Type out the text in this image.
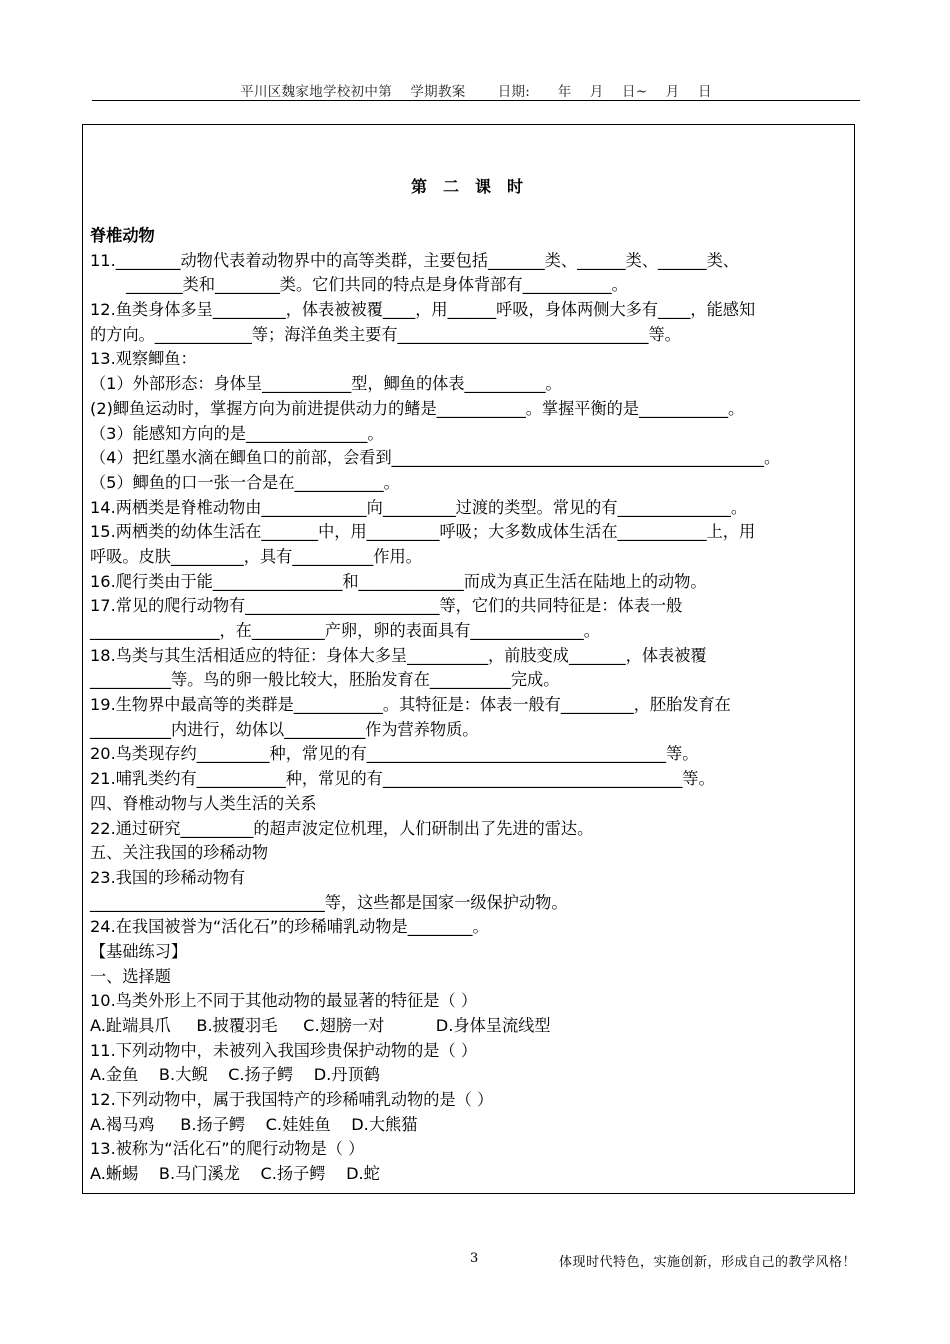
平川区魏家地学校初中第    学期教案       日期:      年    月    日~    月    日
第二课时
脊椎动物
11.________动物代表着动物界中的高等类群，主要包括_______类、______类、______类、
_______类和________类。它们共同的特点是身体背部有___________。
12.鱼类身体多呈_________，体表被被覆____，用______呼吸，身体两侧大多有____，能感知
的方向。____________等；海洋鱼类主要有_______________________________等。
13.观察鲫鱼：
（1）外部形态：身体呈___________型，鲫鱼的体表__________。
(2)鲫鱼运动时，掌握方向为前进提供动力的鳍是___________。掌握平衡的是___________。
（3）能感知方向的是_______________。
（4）把红墨水滴在鲫鱼口的前部，会看到______________________________________________。
（5）鲫鱼的口一张一合是在___________。
14.两栖类是脊椎动物由_____________向_________过渡的类型。常见的有______________。
15.两栖类的幼体生活在_______中，用_________呼吸；大多数成体生活在___________上，用
呼吸。皮肤_________，具有__________作用。
16.爬行类由于能________________和_____________而成为真正生活在陆地上的动物。
17.常见的爬行动物有________________________等，它们的共同特征是：体表一般
________________，在_________产卵，卵的表面具有______________。
18.鸟类与其生活相适应的特征：身体大多呈__________，前肢变成_______，体表被覆
__________等。鸟的卵一般比较大，胚胎发育在__________完成。
19.生物界中最高等的类群是___________。其特征是：体表一般有_________，胚胎发育在
__________内进行，幼体以__________作为营养物质。
20.鸟类现存约_________种，常见的有_____________________________________等。
21.哺乳类约有___________种，常见的有_____________________________________等。
四、脊椎动物与人类生活的关系
22.通过研究_________的超声波定位机理，人们研制出了先进的雷达。
五、关注我国的珍稀动物
23.我国的珍稀动物有
_____________________________等，这些都是国家一级保护动物。
24.在我国被誉为“活化石”的珍稀哺乳动物是________。
【基础练习】
一、选择题
10.鸟类外形上不同于其他动物的最显著的特征是（ ）
A.趾端具爪     B.披覆羽毛     C.翅膀一对          D.身体呈流线型
11.下列动物中，未被列入我国珍贵保护动物的是（ ）
A.金鱼    B.大鲵    C.扬子鳄    D.丹顶鹤
12.下列动物中，属于我国特产的珍稀哺乳动物的是（ ）
A.褐马鸡     B.扬子鳄    C.娃娃鱼    D.大熊猫
13.被称为“活化石”的爬行动物是（ ）
A.蜥蜴    B.马门溪龙    C.扬子鳄    D.蛇
3	体现时代特色，实施创新，形成自己的教学风格！
